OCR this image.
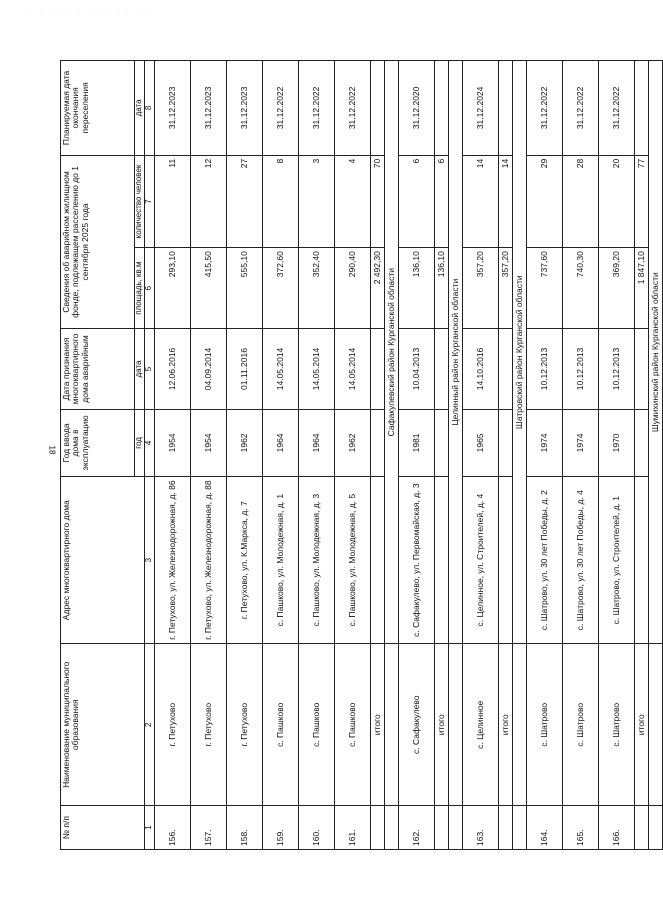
· · · · · · · · · · · · ·
18
№ п/п	Наименование муниципального образования	Адрес многоквартирного дома	Год ввода дома в эксплуатацию	Дата признания многоквартирного дома аварийным	Сведения об аварийном жилищном фонде, подлежащем расселению до 1 сентября 2025 года		Планируемая дата окончания переселения
			год	дата	площадь, кв.м	количество человек	дата
1	2	3	4	5	6	7	8
156.	г. Петухово	г. Петухово, ул. Железнодорожная, д. 86	1954	12.06.2016	293,10	11	31.12.2023
157.	г. Петухово	г. Петухово, ул. Железнодорожная, д. 88	1954	04.09.2014	415,50	12	31.12.2023
158.	г. Петухово	г. Петухово, ул. К.Маркса, д. 7	1962	01.11.2016	555,10	27	31.12.2023
159.	с. Пашково	с. Пашково, ул. Молодежная, д. 1	1964	14.05.2014	372,60	8	31.12.2022
160.	с. Пашково	с. Пашково, ул. Молодежная, д. 3	1964	14.05.2014	352,40	3	31.12.2022
161.	с. Пашково	с. Пашково, ул. Молодежная, д. 5	1962	14.05.2014	290,40	4	31.12.2022
	итого				2 492,30	70	
		Сафакулевский район Курганской области					
162.	с. Сафакулево	с. Сафакулево, ул. Первомайская, д. 3	1981	10.04.2013	136,10	6	31.12.2020
	итого				136,10	6	
		Целинный район Курганской области					
163.	с. Целинное	с. Целинное, ул. Строителей, д. 4	1965	14.10.2016	357,20	14	31.12.2024
	итого				357,20	14	
		Шатровский район Курганской области					
164.	с. Шатрово	с. Шатрово, ул. 30 лет Победы, д. 2	1974	10.12.2013	737,60	29	31.12.2022
165.	с. Шатрово	с. Шатрово, ул. 30 лет Победы, д. 4	1974	10.12.2013	740,30	28	31.12.2022
166.	с. Шатрово	с. Шатрово, ул. Строителей, д. 1	1970	10.12.2013	369,20	20	31.12.2022
	итого				1 847,10	77	
		Шумихинский район Курганской области					
